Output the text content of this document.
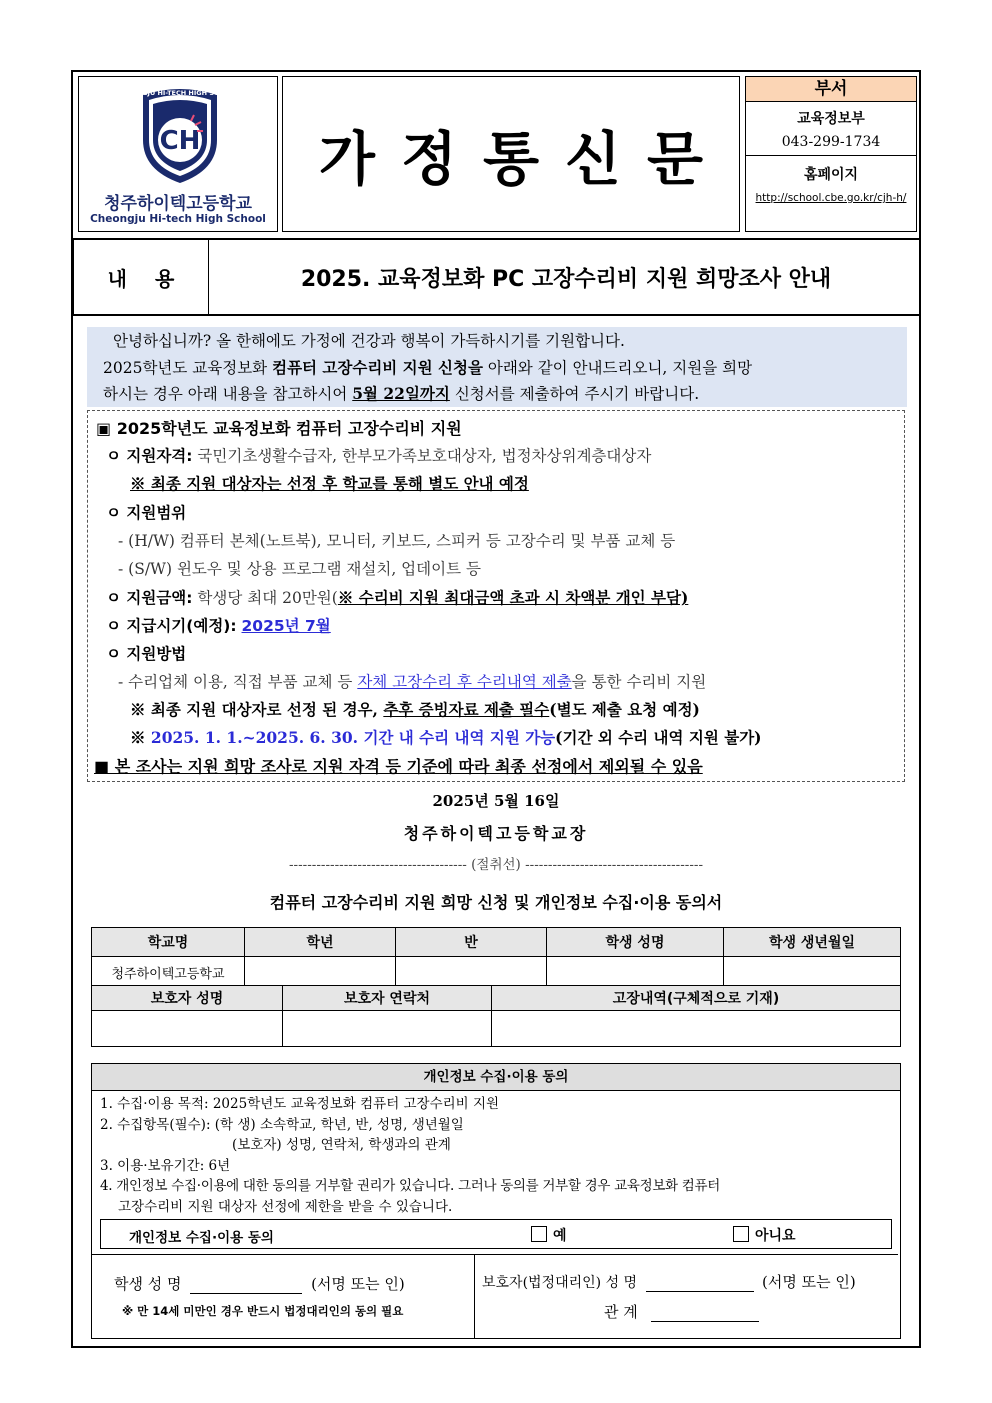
CH
CHEONGJU HI-TECH HIGH SCHOOL
청주하이텍고등학교
Cheongju Hi-tech High School
가정통신문
부서
교육정보부
043-299-1734
홈페이지
http://school.cbe.go.kr/cjh-h/
내용	2025. 교육정보화 PC 고장수리비 지원 희망조사 안내
안녕하십니까? 올 한해에도 가정에 건강과 행복이 가득하시기를 기원합니다.
2025학년도 교육정보화 컴퓨터 고장수리비 지원 신청을 아래와 같이 안내드리오니, 지원을 희망
하시는 경우 아래 내용을 참고하시어 5월 22일까지 신청서를 제출하여 주시기 바랍니다.
▣ 2025학년도 교육정보화 컴퓨터 고장수리비 지원
ㅇ 지원자격: 국민기초생활수급자, 한부모가족보호대상자, 법정차상위계층대상자
※ 최종 지원 대상자는 선정 후 학교를 통해 별도 안내 예정
ㅇ 지원범위
- (H/W) 컴퓨터 본체(노트북), 모니터, 키보드, 스피커 등 고장수리 및 부품 교체 등
- (S/W) 윈도우 및 상용 프로그램 재설치, 업데이트 등
ㅇ 지원금액: 학생당 최대 20만원(※ 수리비 지원 최대금액 초과 시 차액분 개인 부담)
ㅇ 지급시기(예정): 2025년 7월
ㅇ 지원방법
- 수리업체 이용, 직접 부품 교체 등 자체 고장수리 후 수리내역 제출을 통한 수리비 지원
※ 최종 지원 대상자로 선정 된 경우, 추후 증빙자료 제출 필수(별도 제출 요청 예정)
※ 2025. 1. 1.~2025. 6. 30. 기간 내 수리 내역 지원 가능(기간 외 수리 내역 지원 불가)
■ 본 조사는 지원 희망 조사로 지원 자격 등 기준에 따라 최종 선정에서 제외될 수 있음
2025년 5월 16일
청주하이텍고등학교장
--------------------------------------- (절취선) ---------------------------------------
컴퓨터 고장수리비 지원 희망 신청 및 개인정보 수집·이용 동의서
학교명	학년	반	학생 성명	학생 생년월일
청주하이텍고등학교				
보호자 성명	보호자 연락처	고장내역(구체적으로 기재)

개인정보 수집·이용 동의
1. 수집·이용 목적: 2025학년도 교육정보화 컴퓨터 고장수리비 지원
2. 수집항목(필수): (학 생) 소속학교, 학년, 반, 성명, 생년월일
(보호자) 성명, 연락처, 학생과의 관계
3. 이용·보유기간: 6년
4. 개인정보 수집·이용에 대한 동의를 거부할 권리가 있습니다. 그러나 동의를 거부할 경우 교육정보화 컴퓨터
고장수리비 지원 대상자 선정에 제한을 받을 수 있습니다.
개인정보 수집·이용 동의	예	아니요
학생 성 명	(서명 또는 인)
※ 만 14세 미만인 경우 반드시 법정대리인의 동의 필요
보호자(법정대리인) 성 명	(서명 또는 인)
관 계
